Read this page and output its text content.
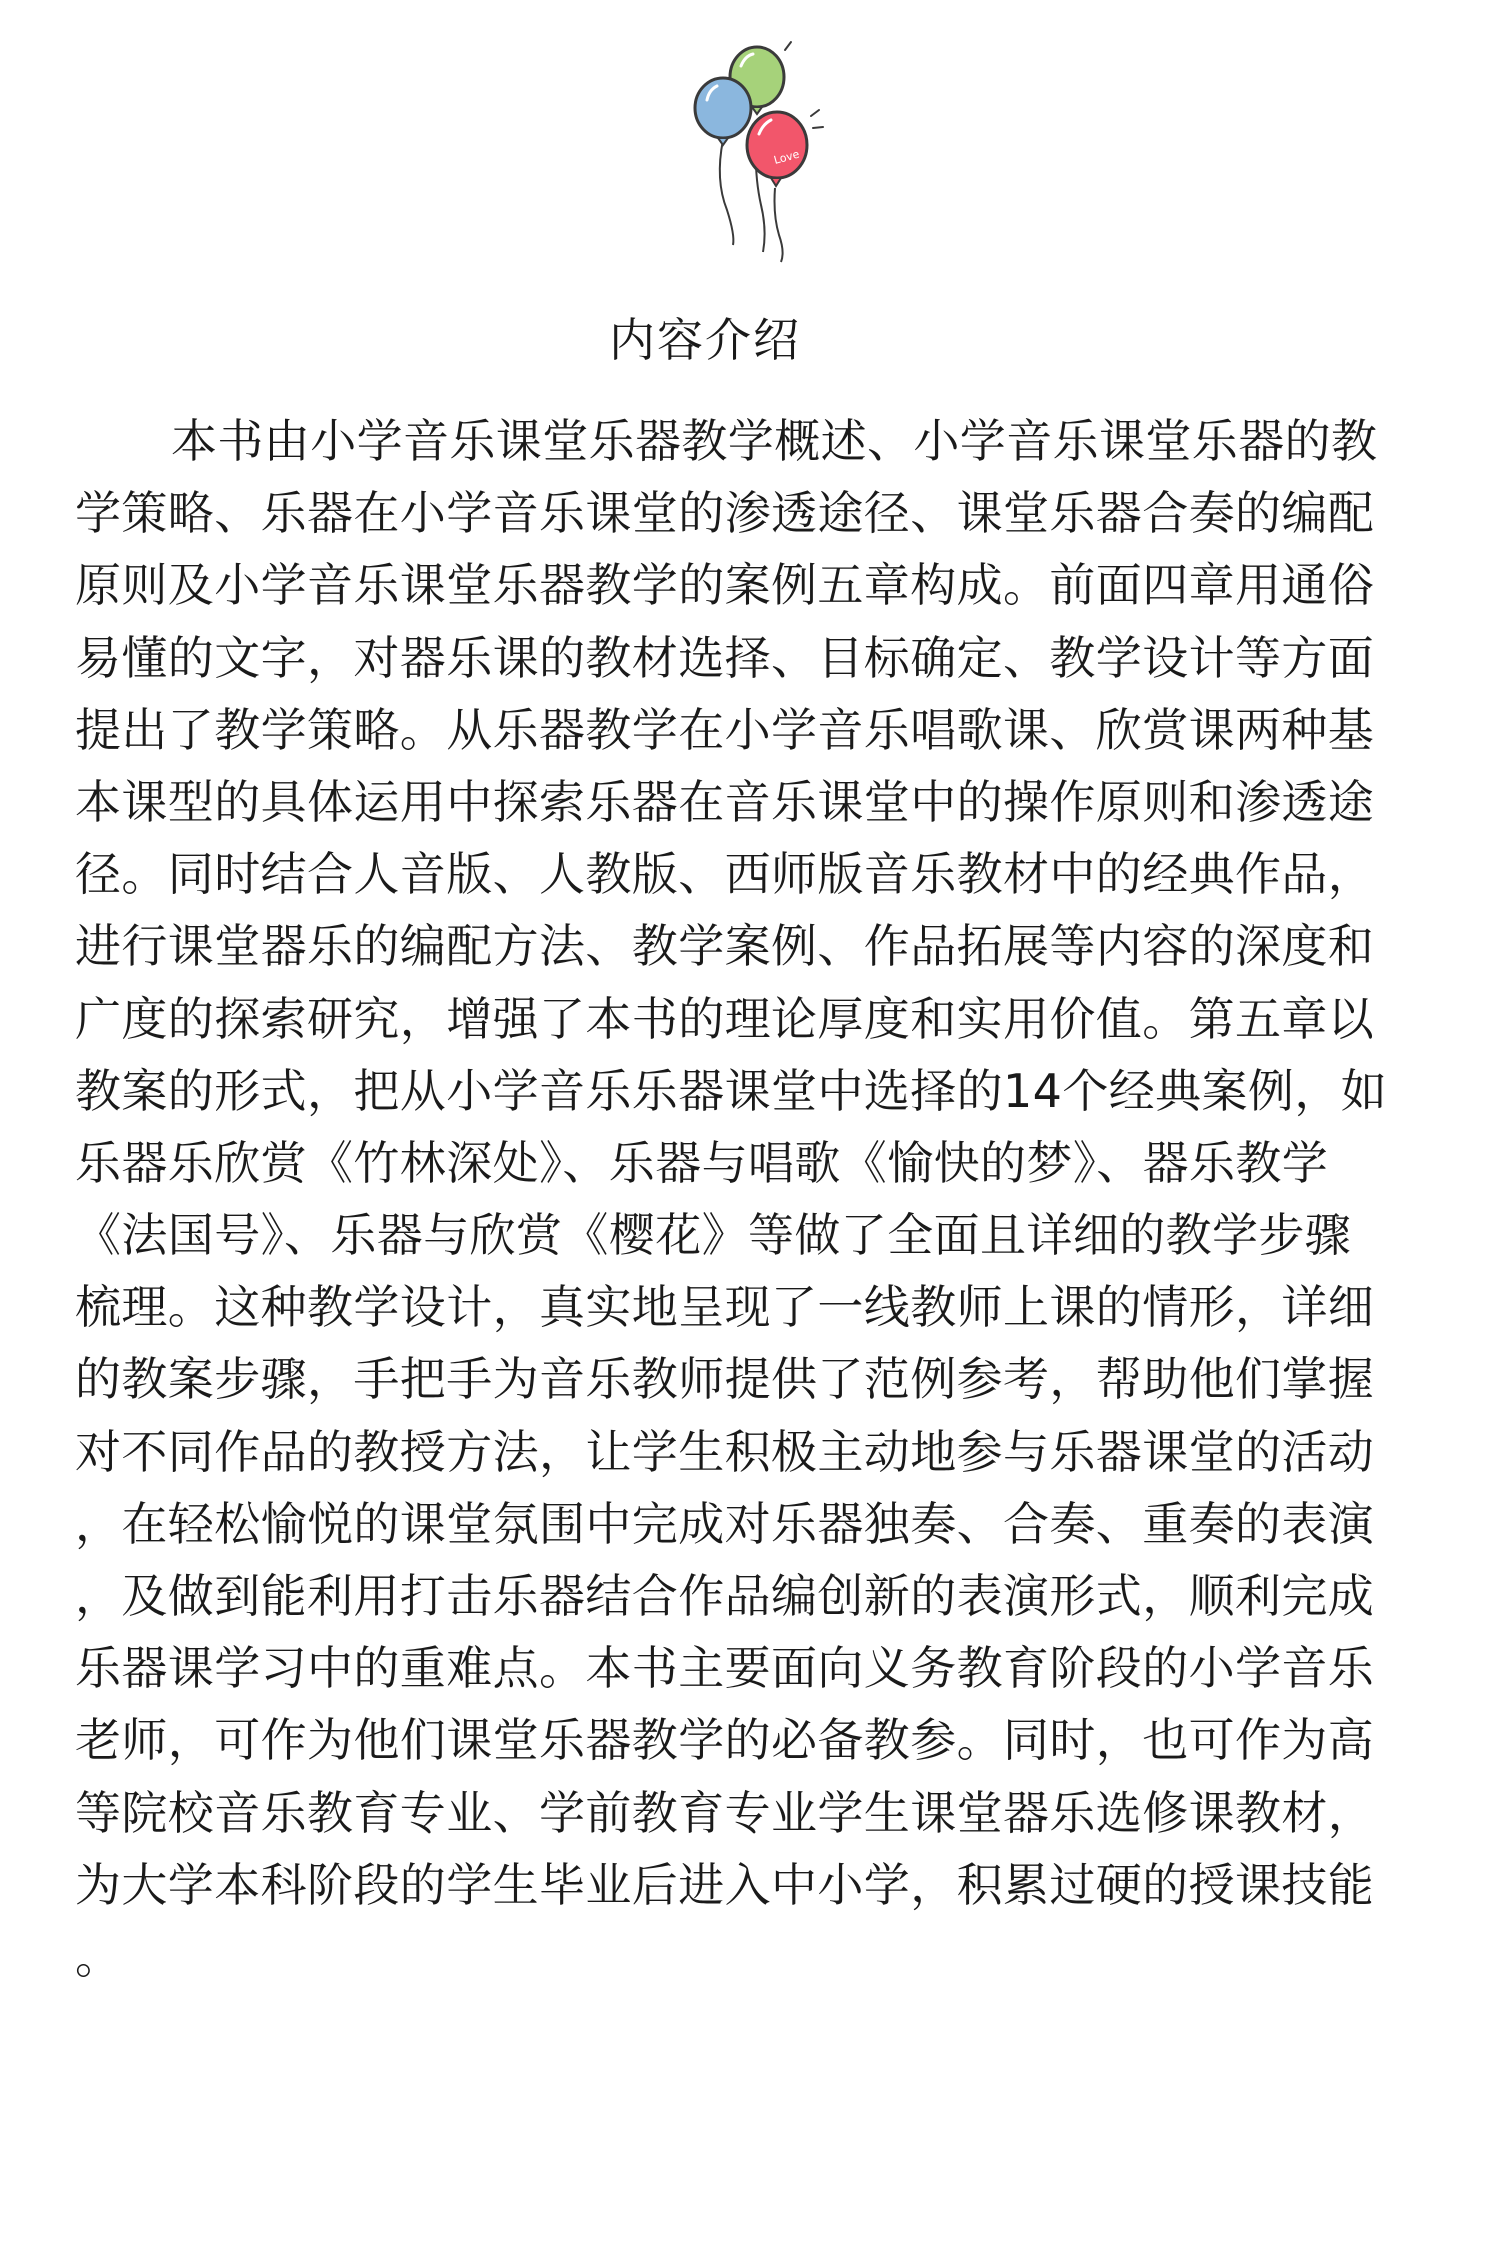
Love
内容介绍
本书由小学音乐课堂乐器教学概述、小学音乐课堂乐器的教
学策略、乐器在小学音乐课堂的渗透途径、课堂乐器合奏的编配
原则及小学音乐课堂乐器教学的案例五章构成。前面四章用通俗
易懂的文字，对器乐课的教材选择、目标确定、教学设计等方面
提出了教学策略。从乐器教学在小学音乐唱歌课、欣赏课两种基
本课型的具体运用中探索乐器在音乐课堂中的操作原则和渗透途
径。同时结合人音版、人教版、西师版音乐教材中的经典作品，
进行课堂器乐的编配方法、教学案例、作品拓展等内容的深度和
广度的探索研究，增强了本书的理论厚度和实用价值。第五章以
教案的形式，把从小学音乐乐器课堂中选择的14个经典案例，如
乐器乐欣赏《竹林深处》、乐器与唱歌《愉快的梦》、器乐教学
《法国号》、乐器与欣赏《樱花》等做了全面且详细的教学步骤
梳理。这种教学设计，真实地呈现了一线教师上课的情形，详细
的教案步骤，手把手为音乐教师提供了范例参考，帮助他们掌握
对不同作品的教授方法，让学生积极主动地参与乐器课堂的活动
，在轻松愉悦的课堂氛围中完成对乐器独奏、合奏、重奏的表演
，及做到能利用打击乐器结合作品编创新的表演形式，顺利完成
乐器课学习中的重难点。本书主要面向义务教育阶段的小学音乐
老师，可作为他们课堂乐器教学的必备教参。同时，也可作为高
等院校音乐教育专业、学前教育专业学生课堂器乐选修课教材，
为大学本科阶段的学生毕业后进入中小学，积累过硬的授课技能
。
